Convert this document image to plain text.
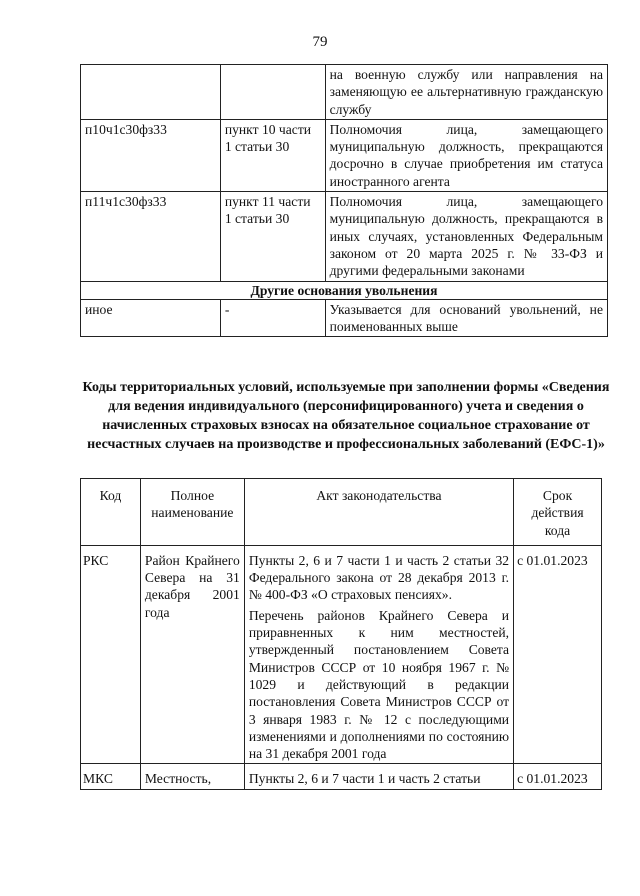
79
		на военную службу или направления на заменяющую ее альтернативную гражданскую службу
п10ч1с30фз33	пункт 10 части 1 статьи 30	Полномочия лица, замещающего муниципальную должность, прекращаются досрочно в случае приобретения им статуса иностранного агента
п11ч1с30фз33	пункт 11 части 1 статьи 30	Полномочия лица, замещающего муниципальную должность, прекращаются в иных случаях, установленных Федеральным законом от 20 марта 2025 г. № 33-ФЗ и другими федеральными законами
Другие основания увольнения		
иное	-	Указывается для оснований увольнений, не поименованных выше
Коды территориальных условий, используемые при заполнении формы «Сведения для ведения индивидуального (персонифицированного) учета и сведения о начисленных страховых взносах на обязательное социальное страхование от несчастных случаев на производстве и профессиональных заболеваний (ЕФС-1)»
Код	Полное наименование	Акт законодательства	Срок действия кода
РКС	Район Крайнего Севера на 31 декабря 2001 года	Пункты 2, 6 и 7 части 1 и часть 2 статьи 32 Федерального закона от 28 декабря 2013 г. № 400-ФЗ «О страховых пенсиях».

Перечень районов Крайнего Севера и приравненных к ним местностей, утвержденный постановлением Совета Министров СССР от 10 ноября 1967 г. № 1029 и действующий в редакции постановления Совета Министров СССР от 3 января 1983 г. № 12 с последующими изменениями и дополнениями по состоянию на 31 декабря 2001 года	с 01.01.2023
МКС	Местность,	Пункты 2, 6 и 7 части 1 и часть 2 статьи	с 01.01.2023
